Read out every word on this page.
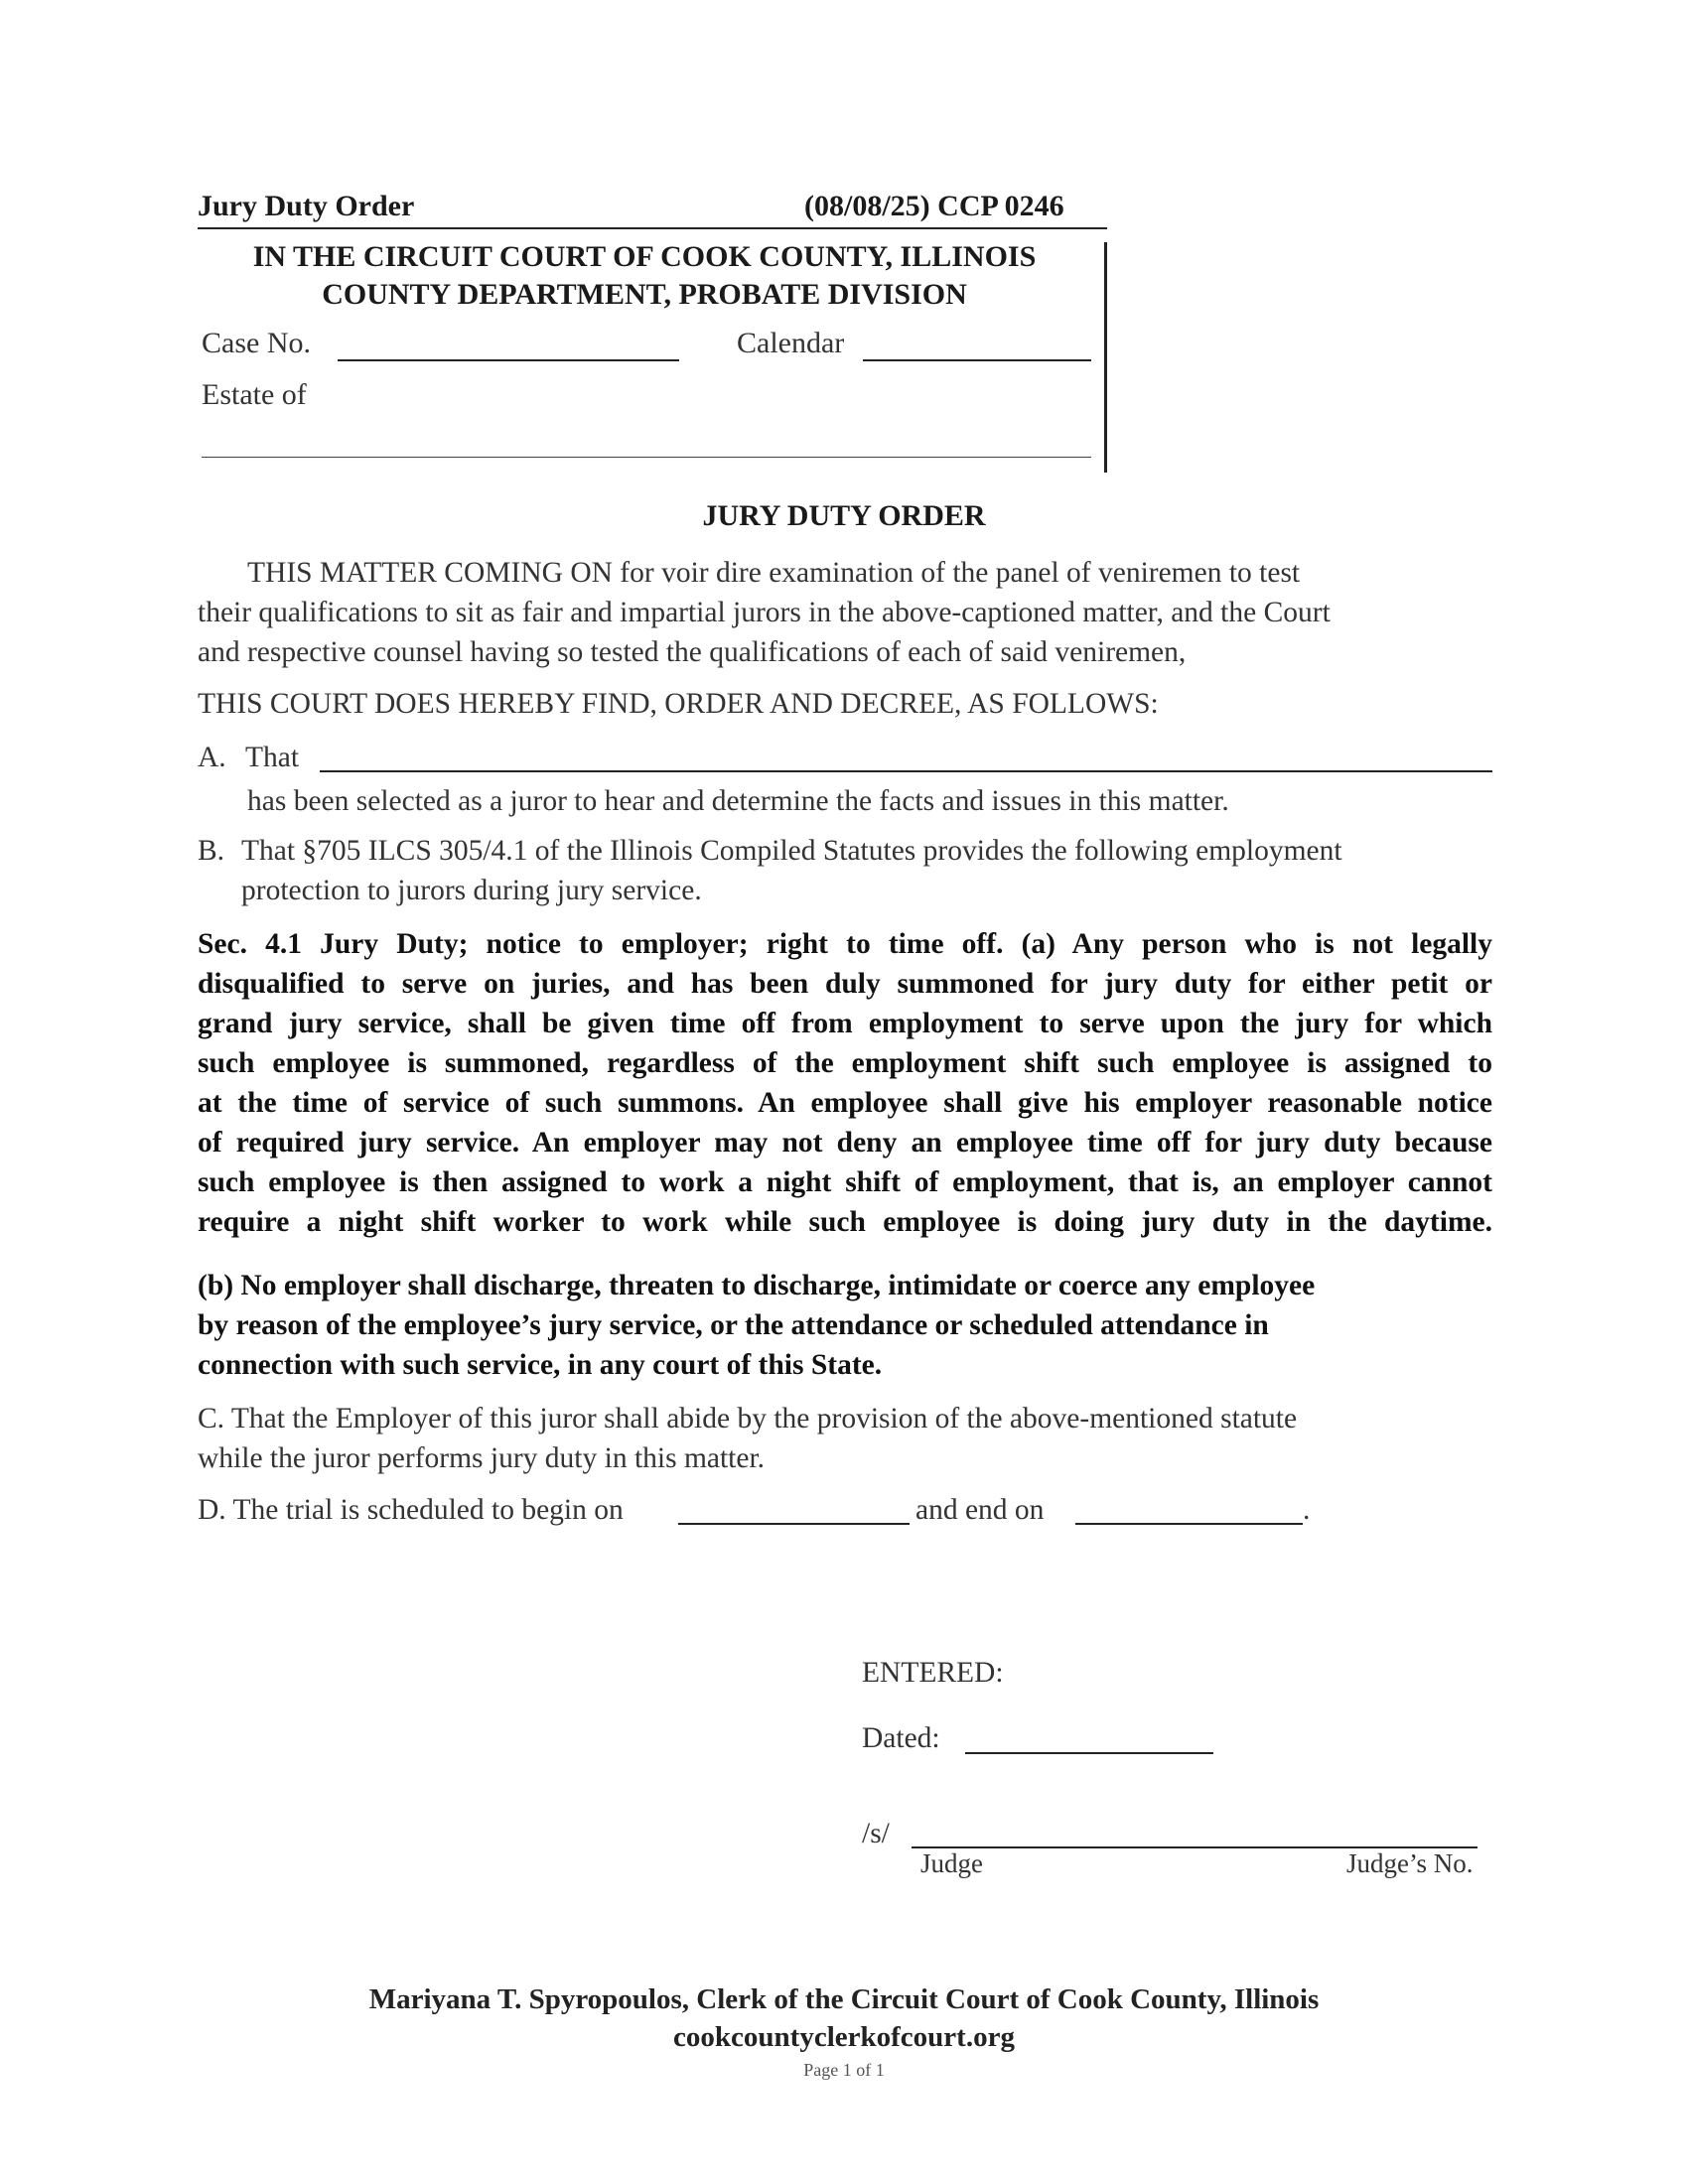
Jury Duty Order	(08/08/25) CCP 0246
IN THE CIRCUIT COURT OF COOK COUNTY, ILLINOIS
COUNTY DEPARTMENT, PROBATE DIVISION
Case No.	Calendar
Estate of
JURY DUTY ORDER
THIS MATTER COMING ON for voir dire examination of the panel of veniremen to test
their qualifications to sit as fair and impartial jurors in the above-captioned matter, and the Court
and respective counsel having so tested the qualifications of each of said veniremen,
THIS COURT DOES HEREBY FIND, ORDER AND DECREE, AS FOLLOWS:
A. That
has been selected as a juror to hear and determine the facts and issues in this matter.
B. That §705 ILCS 305/4.1 of the Illinois Compiled Statutes provides the following employment
protection to jurors during jury service.
Sec. 4.1 Jury Duty; notice to employer; right to time off. (a) Any person who is not legally
disqualified to serve on juries, and has been duly summoned for jury duty for either petit or
grand jury service, shall be given time off from employment to serve upon the jury for which
such employee is summoned, regardless of the employment shift such employee is assigned to
at the time of service of such summons. An employee shall give his employer reasonable notice
of required jury service. An employer may not deny an employee time off for jury duty because
such employee is then assigned to work a night shift of employment, that is, an employer cannot
require a night shift worker to work while such employee is doing jury duty in the daytime.
(b) No employer shall discharge, threaten to discharge, intimidate or coerce any employee
by reason of the employee’s jury service, or the attendance or scheduled attendance in
connection with such service, in any court of this State.
C. That the Employer of this juror shall abide by the provision of the above-mentioned statute
while the juror performs jury duty in this matter.
D. The trial is scheduled to begin on	and end on	.
ENTERED:
Dated:
/s/
Judge	Judge’s No.
Mariyana T. Spyropoulos, Clerk of the Circuit Court of Cook County, Illinois
cookcountyclerkofcourt.org
Page 1 of 1
